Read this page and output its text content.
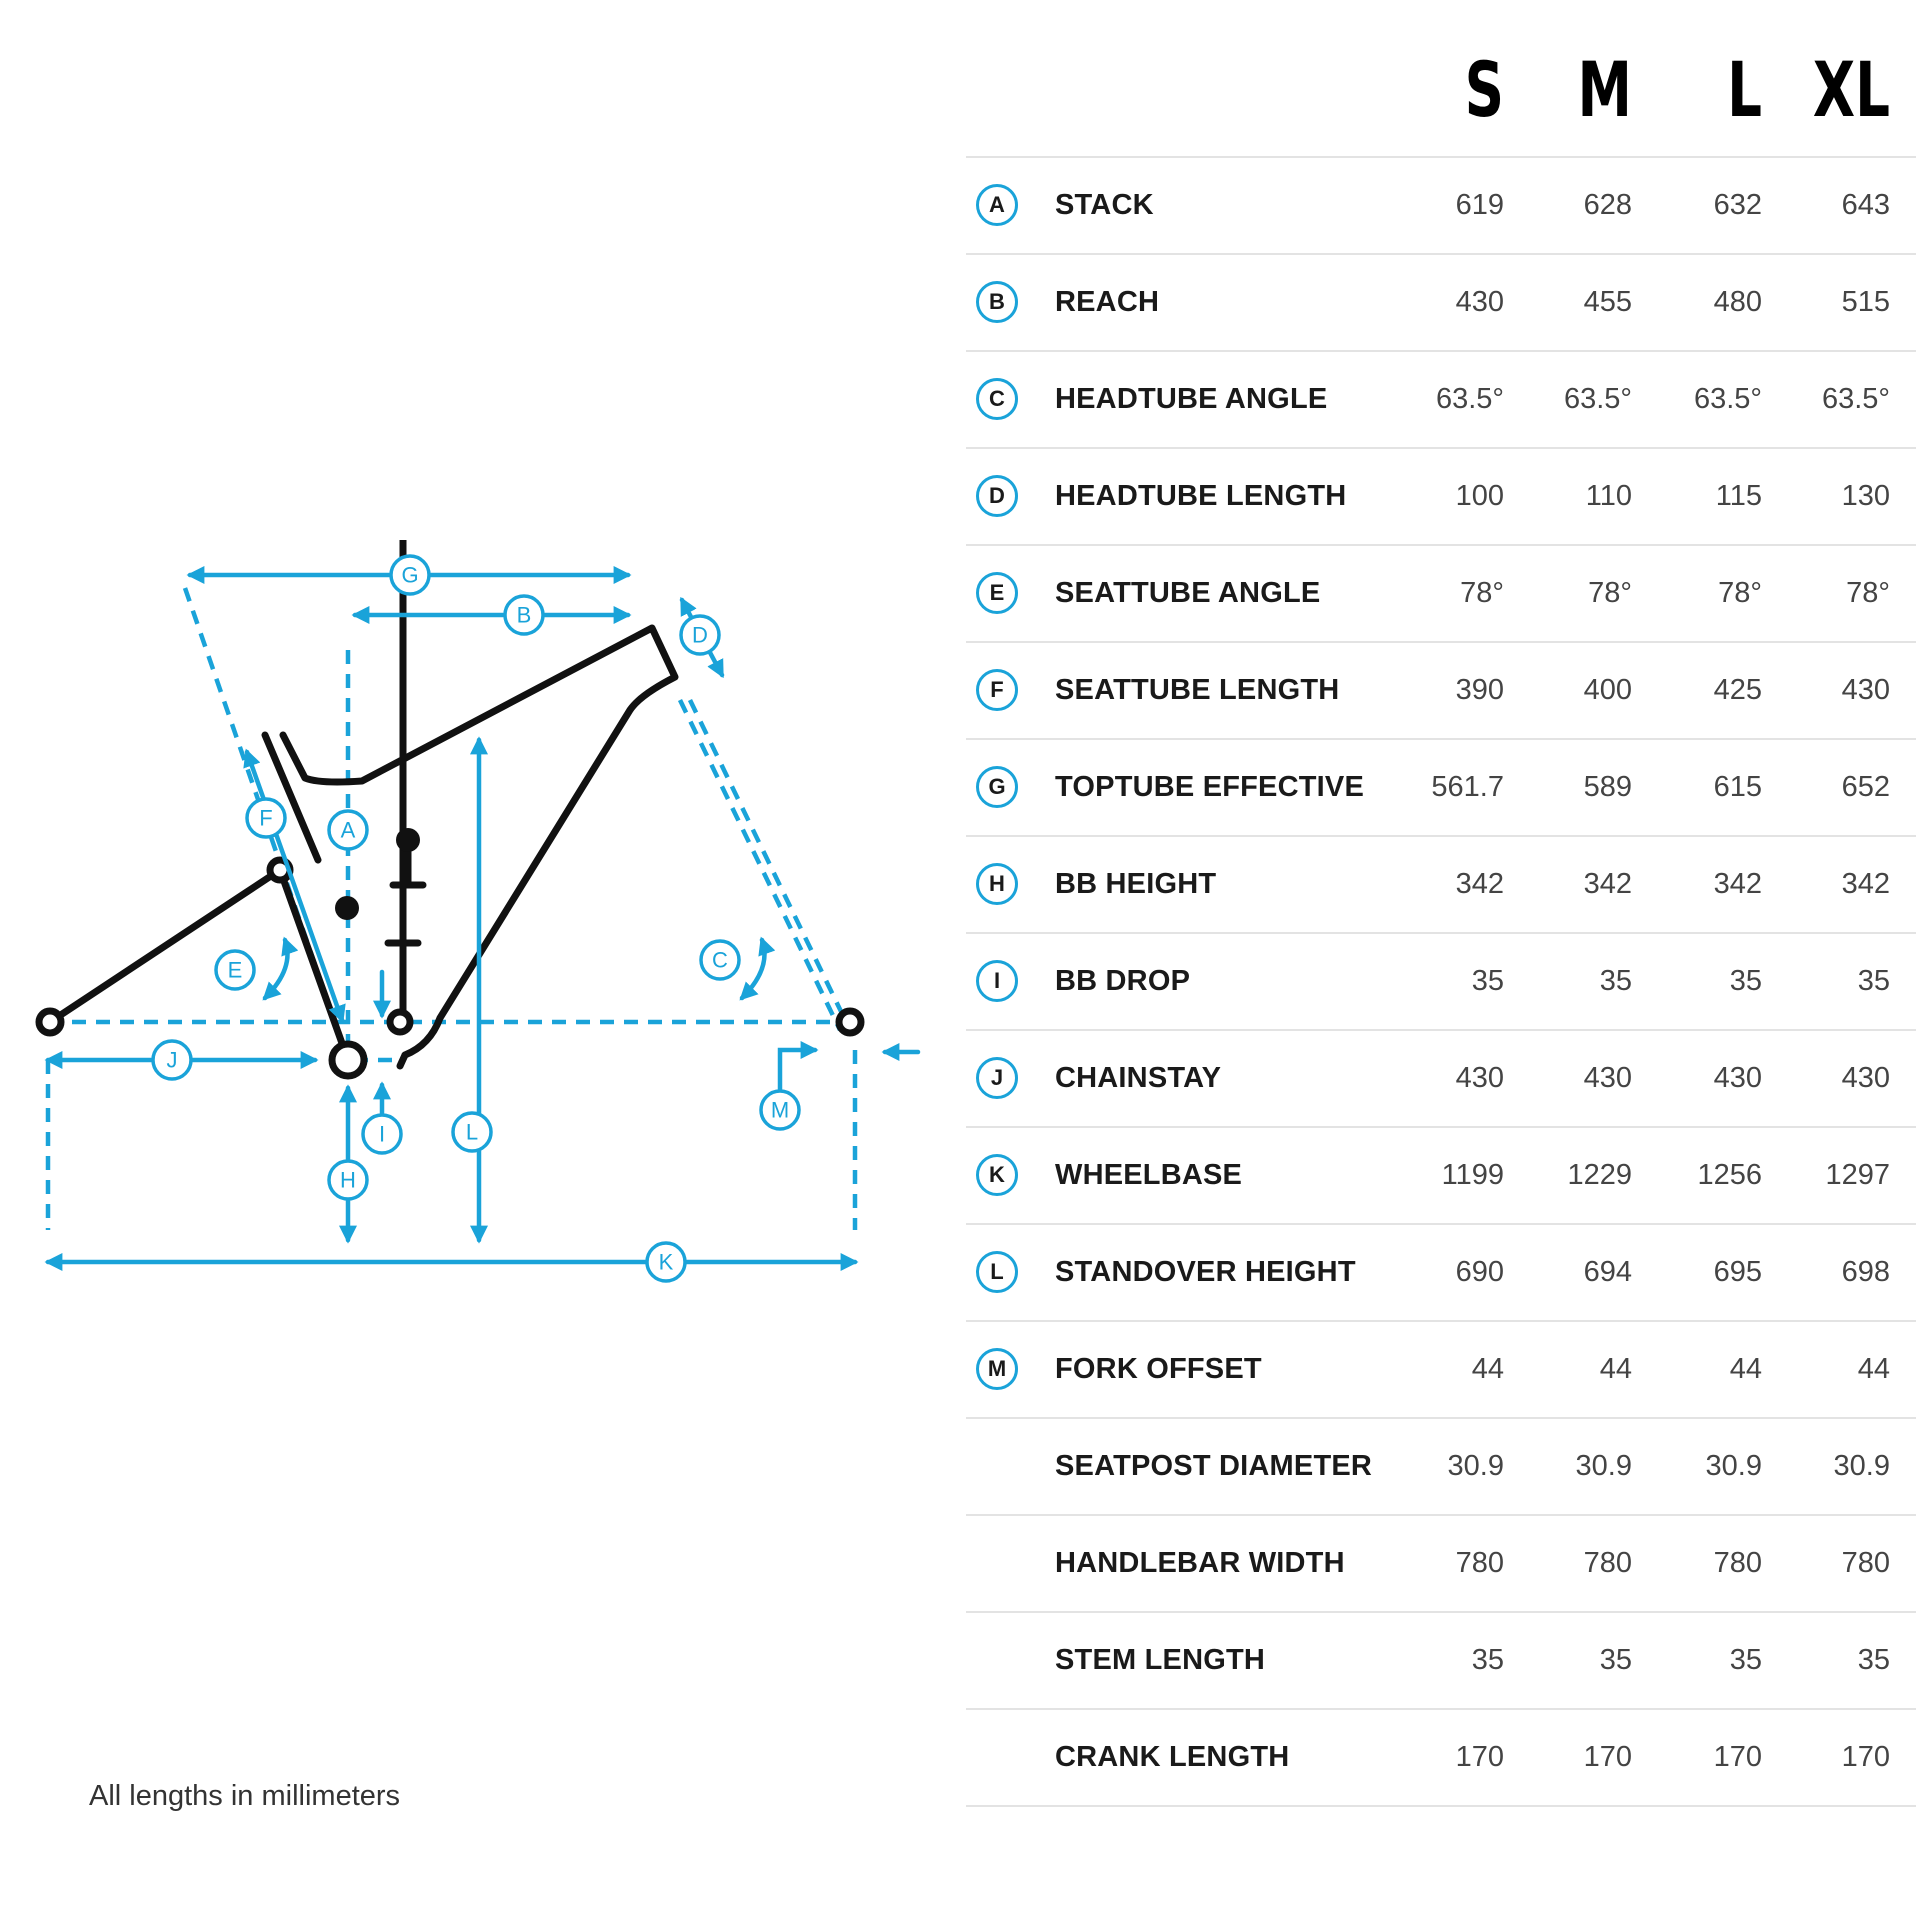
G
B
D
F	A
E	C
J
M
I	L
H
K
S M	L XL
A	STACK	619	628	632	643
B	REACH	430	455	480	515
C	HEADTUBE ANGLE	63.5°	63.5°	63.5°	63.5°
D	HEADTUBE LENGTH	100	110	115	130
E	SEATTUBE ANGLE	78°	78°	78°	78°
F	SEATTUBE LENGTH	390	400	425	430
G	TOPTUBE EFFECTIVE	561.7	589	615	652
H	BB HEIGHT	342	342	342	342
I	BB DROP	35	35	35	35
J	CHAINSTAY	430	430	430	430
K	WHEELBASE	1199	1229	1256	1297
L	STANDOVER HEIGHT	690	694	695	698
M	FORK OFFSET	44	44	44	44
SEATPOST DIAMETER	30.9	30.9	30.9	30.9
HANDLEBAR WIDTH	780	780	780	780
STEM LENGTH	35	35	35	35
CRANK LENGTH	170	170	170	170
All lengths in millimeters
